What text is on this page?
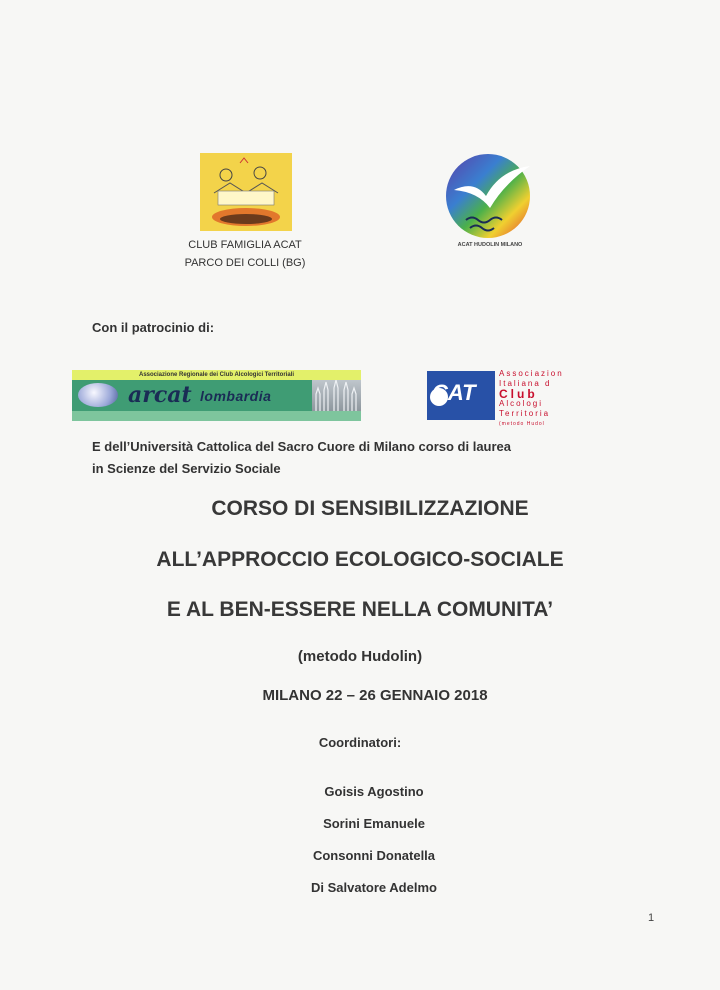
CLUB FAMIGLIA ACAT
PARCO DEI COLLI (BG)
ACAT HUDOLIN MILANO
Con il patrocinio di:
Associazione Regionale dei Club Alcologici Territoriali
arcat lombardia	CAT
Associazion
Italiana d
Club
Alcologi
Territoria
(metodo Hudol
E dell’Università Cattolica del Sacro Cuore di Milano corso di laurea
in Scienze del Servizio Sociale
CORSO DI SENSIBILIZZAZIONE
ALL’APPROCCIO ECOLOGICO-SOCIALE
E AL BEN-ESSERE NELLA COMUNITA’
(metodo Hudolin)
MILANO 22 – 26 GENNAIO 2018
Coordinatori:
Goisis Agostino
Sorini Emanuele
Consonni Donatella
Di Salvatore Adelmo
1
